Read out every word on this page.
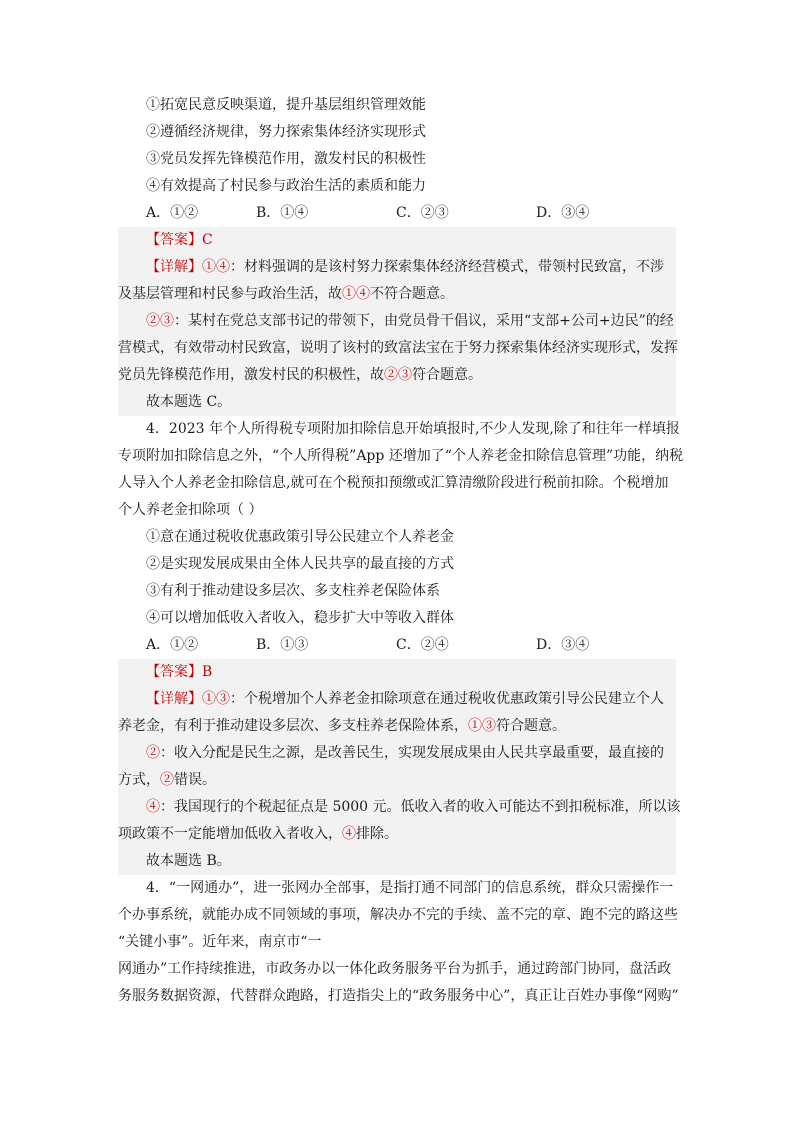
①拓宽民意反映渠道，提升基层组织管理效能
②遵循经济规律，努力探索集体经济实现形式
③党员发挥先锋模范作用，激发村民的积极性
④有效提高了村民参与政治生活的素质和能力
A．①②	B．①④	C．②③	D．③④
【答案】C
【详解】①④：材料强调的是该村努力探索集体经济经营模式，带领村民致富，不涉
及基层管理和村民参与政治生活，故①④不符合题意。
②③：某村在党总支部书记的带领下，由党员骨干倡议，采用“支部+公司+边民”的经
营模式，有效带动村民致富，说明了该村的致富法宝在于努力探索集体经济实现形式，发挥
党员先锋模范作用，激发村民的积极性，故②③符合题意。
故本题选 C。
4．2023 年个人所得税专项附加扣除信息开始填报时,不少人发现,除了和往年一样填报
专项附加扣除信息之外，“个人所得税”App 还增加了“个人养老金扣除信息管理”功能，纳税
人导入个人养老金扣除信息,就可在个税预扣预缴或汇算清缴阶段进行税前扣除。个税增加
个人养老金扣除项（ ）
①意在通过税收优惠政策引导公民建立个人养老金
②是实现发展成果由全体人民共享的最直接的方式
③有利于推动建设多层次、多支柱养老保险体系
④可以增加低收入者收入，稳步扩大中等收入群体
A．①②	B．①③	C．②④	D．③④
【答案】B
【详解】①③：个税增加个人养老金扣除项意在通过税收优惠政策引导公民建立个人
养老金，有利于推动建设多层次、多支柱养老保险体系，①③符合题意。
②：收入分配是民生之源，是改善民生，实现发展成果由人民共享最重要，最直接的
方式，②错误。
④：我国现行的个税起征点是 5000 元。低收入者的收入可能达不到扣税标准，所以该
项政策不一定能增加低收入者收入，④排除。
故本题选 B。
4．“一网通办”，进一张网办全部事，是指打通不同部门的信息系统，群众只需操作一
个办事系统，就能办成不同领域的事项，解决办不完的手续、盖不完的章、跑不完的路这些
“关键小事”。近年来，南京市“一
网通办”工作持续推进，市政务办以一体化政务服务平台为抓手，通过跨部门协同，盘活政
务服务数据资源，代替群众跑路，打造指尖上的“政务服务中心”，真正让百姓办事像“网购”
